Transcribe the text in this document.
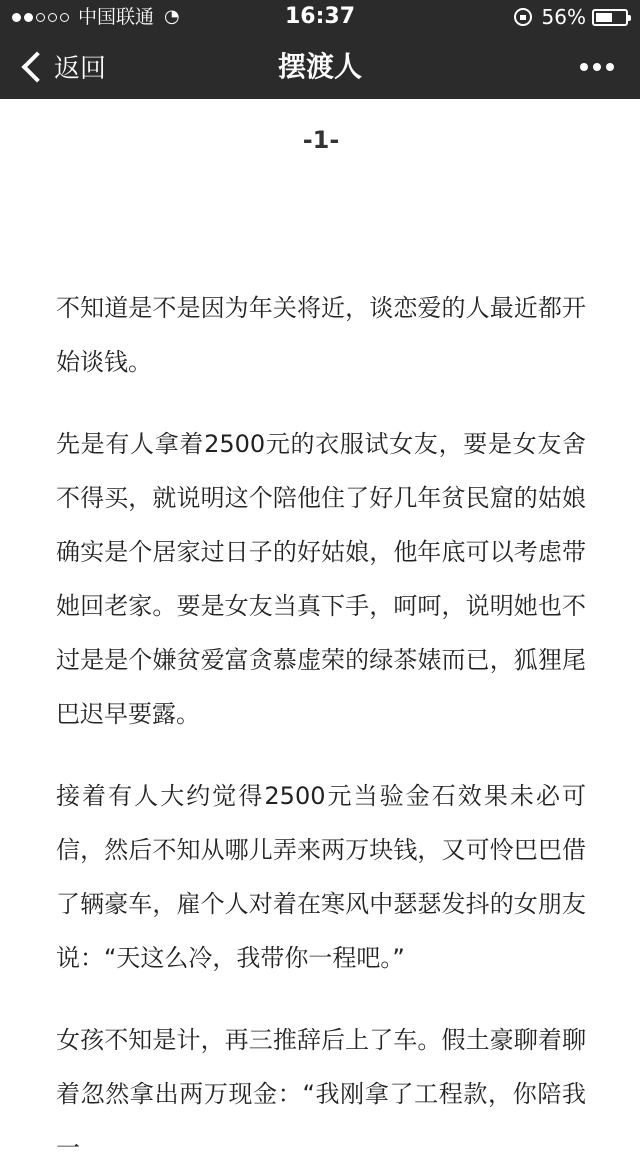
中国联通 ◔	16:37	56%
返回	摆渡人
-1-

不知道是不是因为年关将近，谈恋爱的人最近都开始谈钱。

先是有人拿着2500元的衣服试女友，要是女友舍不得买，就说明这个陪他住了好几年贫民窟的姑娘确实是个居家过日子的好姑娘，他年底可以考虑带她回老家。要是女友当真下手，呵呵，说明她也不过是是个嫌贫爱富贪慕虚荣的绿茶婊而已，狐狸尾巴迟早要露。

接着有人大约觉得2500元当验金石效果未必可信，然后不知从哪儿弄来两万块钱，又可怜巴巴借了辆豪车，雇个人对着在寒风中瑟瑟发抖的女朋友说：“天这么冷，我带你一程吧。”

女孩不知是计，再三推辞后上了车。假土豪聊着聊着忽然拿出两万现金：“我刚拿了工程款，你陪我一
